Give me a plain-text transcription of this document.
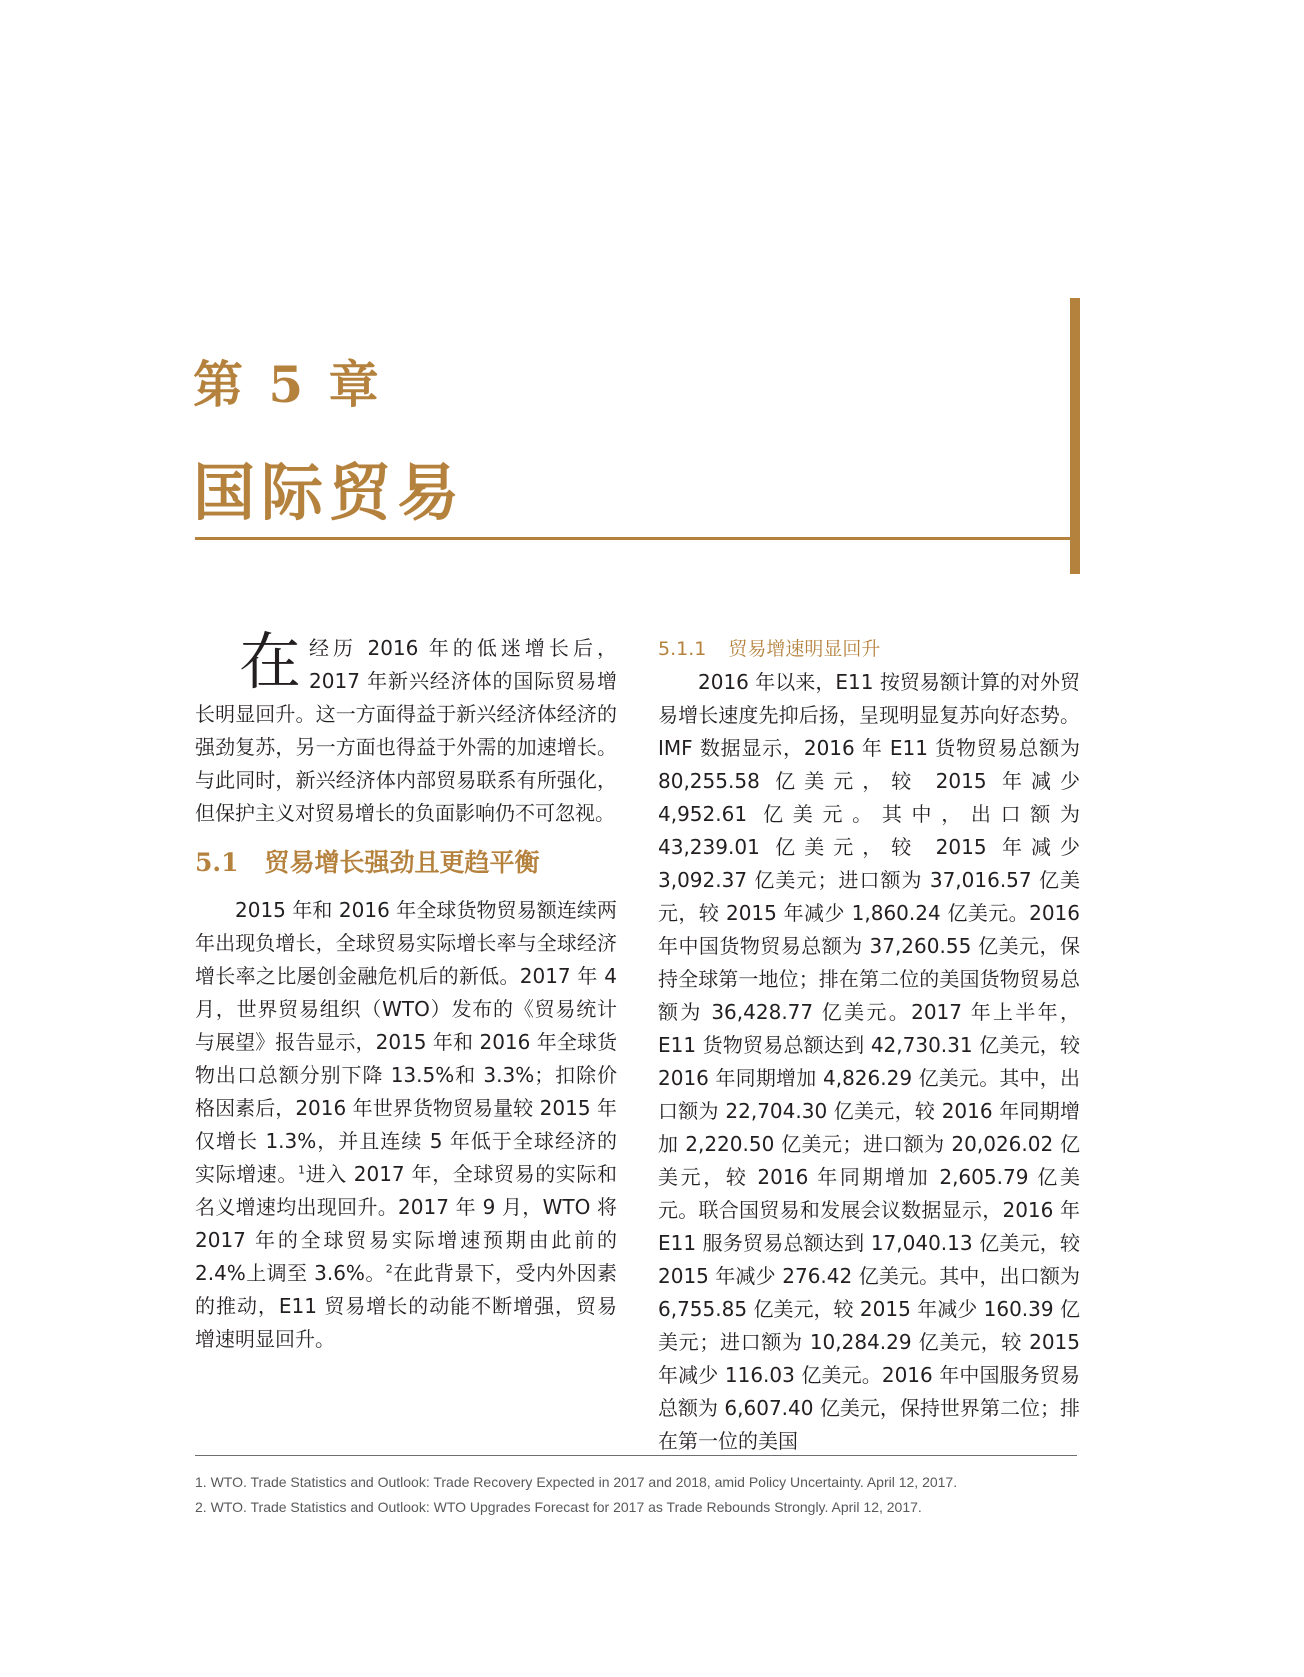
第 5 章
国际贸易

在经历 2016 年的低迷增长后，2017 年新兴经济体的国际贸易增长明显回升。这一方面得益于新兴经济体经济的强劲复苏，另一方面也得益于外需的加速增长。与此同时，新兴经济体内部贸易联系有所强化，但保护主义对贸易增长的负面影响仍不可忽视。

5.1 贸易增长强劲且更趋平衡

2015 年和 2016 年全球货物贸易额连续两年出现负增长，全球贸易实际增长率与全球经济增长率之比屡创金融危机后的新低。2017 年 4 月，世界贸易组织（WTO）发布的《贸易统计与展望》报告显示，2015 年和 2016 年全球货物出口总额分别下降 13.5%和 3.3%；扣除价格因素后，2016 年世界货物贸易量较 2015 年仅增长 1.3%，并且连续 5 年低于全球经济的实际增速。$^1$进入 2017 年，全球贸易的实际和名义增速均出现回升。2017 年 9 月，WTO 将 2017 年的全球贸易实际增速预期由此前的 2.4%上调至 3.6%。$^2$在此背景下，受内外因素的推动，E11 贸易增长的动能不断增强，贸易增速明显回升。

5.1.1 贸易增速明显回升

2016 年以来，E11 按贸易额计算的对外贸易增长速度先抑后扬，呈现明显复苏向好态势。IMF 数据显示，2016 年 E11 货物贸易总额为 80,255.58 亿美元，较 2015 年减少 4,952.61 亿美元。其中，出口额为 43,239.01 亿美元，较 2015 年减少 3,092.37 亿美元；进口额为 37,016.57 亿美元，较 2015 年减少 1,860.24 亿美元。2016 年中国货物贸易总额为 37,260.55 亿美元，保持全球第一地位；排在第二位的美国货物贸易总额为 36,428.77 亿美元。2017 年上半年，E11 货物贸易总额达到 42,730.31 亿美元，较 2016 年同期增加 4,826.29 亿美元。其中，出口额为 22,704.30 亿美元，较 2016 年同期增加 2,220.50 亿美元；进口额为 20,026.02 亿美元，较 2016 年同期增加 2,605.79 亿美元。联合国贸易和发展会议数据显示，2016 年 E11 服务贸易总额达到 17,040.13 亿美元，较 2015 年减少 276.42 亿美元。其中，出口额为 6,755.85 亿美元，较 2015 年减少 160.39 亿美元；进口额为 10,284.29 亿美元，较 2015 年减少 116.03 亿美元。2016 年中国服务贸易总额为 6,607.40 亿美元，保持世界第二位；排在第一位的美国

1. WTO. Trade Statistics and Outlook: Trade Recovery Expected in 2017 and 2018, amid Policy Uncertainty. April 12, 2017.
2. WTO. Trade Statistics and Outlook: WTO Upgrades Forecast for 2017 as Trade Rebounds Strongly. April 12, 2017.
